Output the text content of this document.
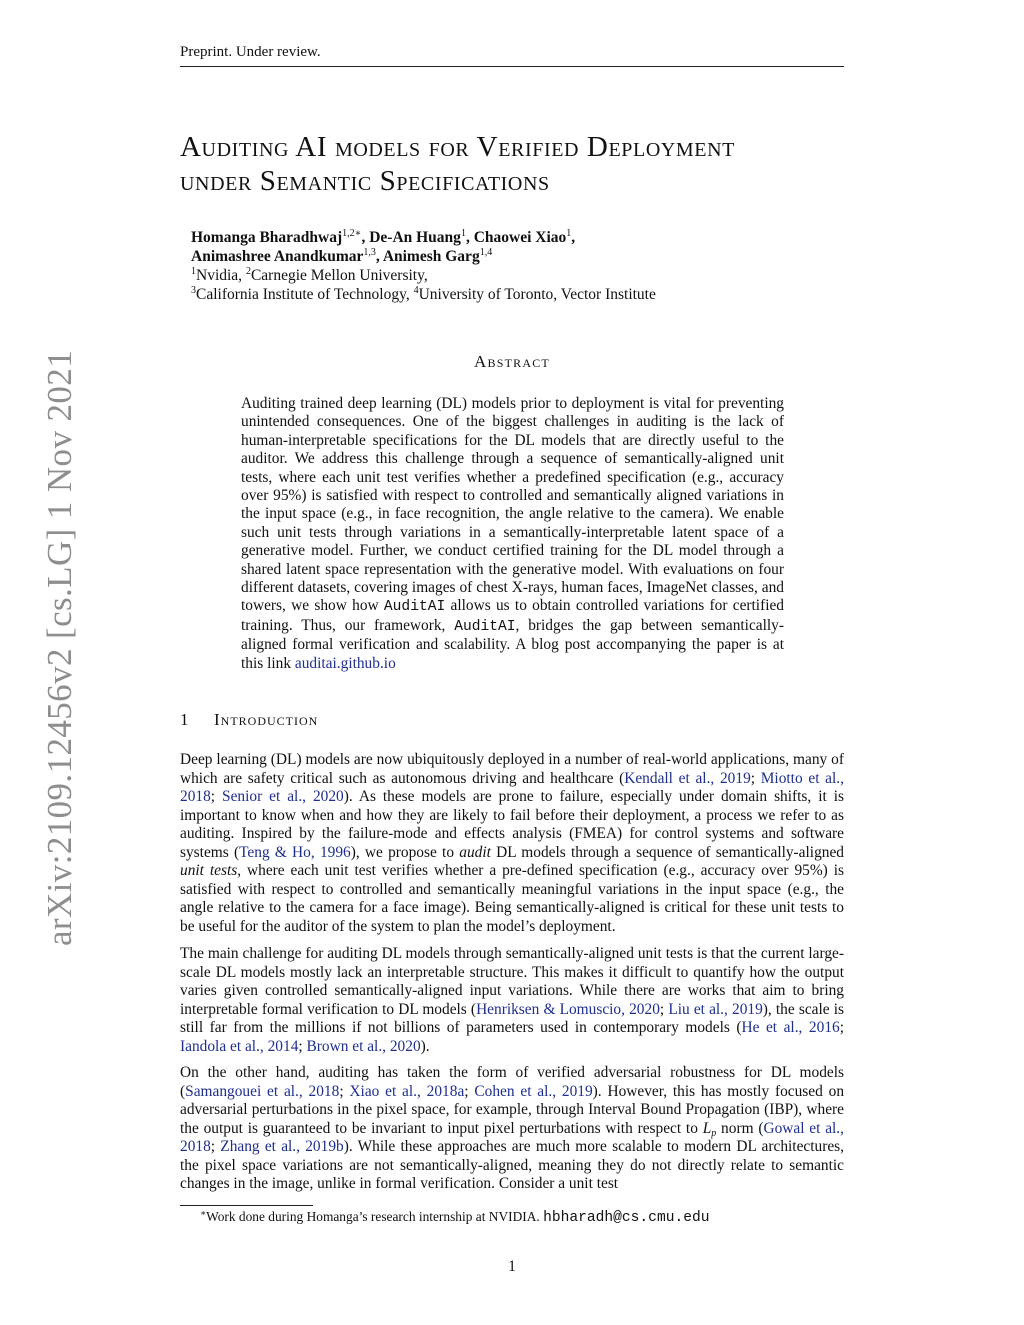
Preprint. Under review.
arXiv:2109.12456v2 [cs.LG] 1 Nov 2021
Auditing AI models for Verified Deployment
under Semantic Specifications
Homanga Bharadhwaj$^{1,2∗}$, De-An Huang$^1$, Chaowei Xiao$^1$,
Animashree Anandkumar$^{1,3}$, Animesh Garg$^{1,4}$
$^1$Nvidia, $^2$Carnegie Mellon University,
$^3$California Institute of Technology, $^4$University of Toronto, Vector Institute
Abstract
Auditing trained deep learning (DL) models prior to deployment is vital for preventing unintended consequences. One of the biggest challenges in auditing is the lack of human-interpretable specifications for the DL models that are directly useful to the auditor. We address this challenge through a sequence of semantically-aligned unit tests, where each unit test verifies whether a predefined specification (e.g., accuracy over 95%) is satisfied with respect to controlled and semantically aligned variations in the input space (e.g., in face recognition, the angle relative to the camera). We enable such unit tests through variations in a semantically-interpretable latent space of a generative model. Further, we conduct certified training for the DL model through a shared latent space representation with the generative model. With evaluations on four different datasets, covering images of chest X-rays, human faces, ImageNet classes, and towers, we show how AuditAI allows us to obtain controlled variations for certified training. Thus, our framework, AuditAI, bridges the gap between semantically-aligned formal verification and scalability. A blog post accompanying the paper is at this link auditai.github.io
1 Introduction

Deep learning (DL) models are now ubiquitously deployed in a number of real-world applications, many of which are safety critical such as autonomous driving and healthcare (Kendall et al., 2019; Miotto et al., 2018; Senior et al., 2020). As these models are prone to failure, especially under domain shifts, it is important to know when and how they are likely to fail before their deployment, a process we refer to as auditing. Inspired by the failure-mode and effects analysis (FMEA) for control systems and software systems (Teng & Ho, 1996), we propose to audit DL models through a sequence of semantically-aligned unit tests, where each unit test verifies whether a pre-defined specification (e.g., accuracy over 95%) is satisfied with respect to controlled and semantically meaningful variations in the input space (e.g., the angle relative to the camera for a face image). Being semantically-aligned is critical for these unit tests to be useful for the auditor of the system to plan the model’s deployment.

The main challenge for auditing DL models through semantically-aligned unit tests is that the current large-scale DL models mostly lack an interpretable structure. This makes it difficult to quantify how the output varies given controlled semantically-aligned input variations. While there are works that aim to bring interpretable formal verification to DL models (Henriksen & Lomuscio, 2020; Liu et al., 2019), the scale is still far from the millions if not billions of parameters used in contemporary models (He et al., 2016; Iandola et al., 2014; Brown et al., 2020).

On the other hand, auditing has taken the form of verified adversarial robustness for DL models (Samangouei et al., 2018; Xiao et al., 2018a; Cohen et al., 2019). However, this has mostly focused on adversarial perturbations in the pixel space, for example, through Interval Bound Propagation (IBP), where the output is guaranteed to be invariant to input pixel perturbations with respect to $L_p$ norm (Gowal et al., 2018; Zhang et al., 2019b). While these approaches are much more scalable to modern DL architectures, the pixel space variations are not semantically-aligned, meaning they do not directly relate to semantic changes in the image, unlike in formal verification. Consider a unit test

∗Work done during Homanga’s research internship at NVIDIA. hbharadh@cs.cmu.edu
1
